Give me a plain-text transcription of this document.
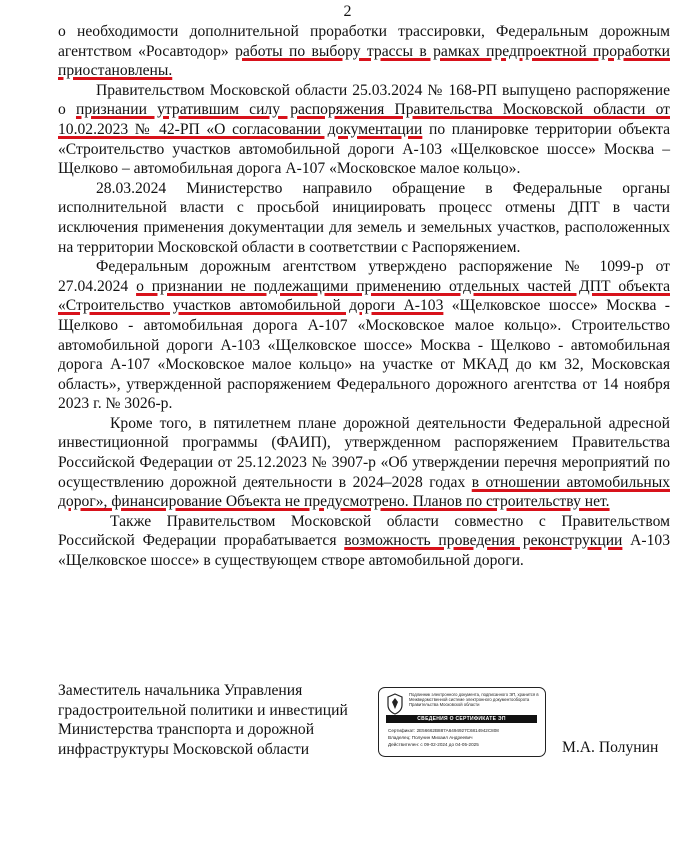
2

о необходимости дополнительной проработки трассировки, Федеральным дорожным агентством «Росавтодор» работы по выбору трассы в рамках предпроектной проработки приостановлены.

Правительством Московской области 25.03.2024 № 168-РП выпущено распоряжение о признании утратившим силу распоряжения Правительства Московской области от 10.02.2023 № 42-РП «О согласовании документации по планировке территории объекта «Строительство участков автомобильной дороги А-103 «Щелковское шоссе» Москва – Щелково – автомобильная дорога А-107 «Московское малое кольцо».

28.03.2024 Министерство направило обращение в Федеральные органы исполнительной власти с просьбой инициировать процесс отмены ДПТ в части исключения применения документации для земель и земельных участков, расположенных на территории Московской области в соответствии с Распоряжением.

Федеральным дорожным агентством утверждено распоряжение № 1099-р от 27.04.2024 о признании не подлежащими применению отдельных частей ДПТ объекта «Строительство участков автомобильной дороги А-103 «Щелковское шоссе» Москва - Щелково - автомобильная дорога А-107 «Московское малое кольцо». Строительство автомобильной дороги А-103 «Щелковское шоссе» Москва - Щелково - автомобильная дорога А-107 «Московское малое кольцо» на участке от МКАД до км 32, Московская область», утвержденной распоряжением Федерального дорожного агентства от 14 ноября 2023 г. № 3026-р.

Кроме того, в пятилетнем плане дорожной деятельности Федеральной адресной инвестиционной программы (ФАИП), утвержденном распоряжением Правительства Российской Федерации от 25.12.2023 № 3907-р «Об утверждении перечня мероприятий по осуществлению дорожной деятельности в 2024–2028 годах в отношении автомобильных дорог», финансирование Объекта не предусмотрено. Планов по строительству нет.

Также Правительством Московской области совместно с Правительством Российской Федерации прорабатывается возможность проведения реконструкции А-103 «Щелковское шоссе» в существующем створе автомобильной дороги.

Заместитель начальника Управления
градостроительной политики и инвестиций
Министерства транспорта и дорожной
инфраструктуры Московской области
Подлинник электронного документа, подписанного ЭП, хранится в Межведомственной системе электронного документооборота Правительства Московской области
СВЕДЕНИЯ О СЕРТИФИКАТЕ ЭП
Сертификат: 2E56662B887A6494927C6814942C808
Владелец: Полунин Михаил Андреевич
Действителен: с 09-02-2024 до 04-05-2025	М.А. Полунин
